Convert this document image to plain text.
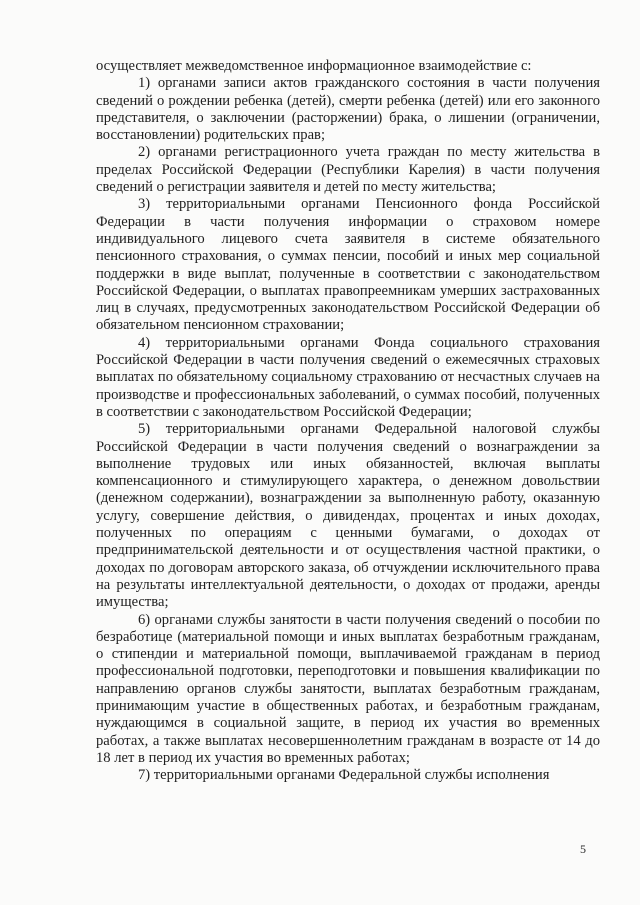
осуществляет межведомственное информационное взаимодействие с:

1) органами записи актов гражданского состояния в части получения сведений о рождении ребенка (детей), смерти ребенка (детей) или его законного представителя, о заключении (расторжении) брака, о лишении (ограничении, восстановлении) родительских прав;

2) органами регистрационного учета граждан по месту жительства в пределах Российской Федерации (Республики Карелия) в части получения сведений о регистрации заявителя и детей по месту жительства;

3) территориальными органами Пенсионного фонда Российской Федерации в части получения информации о страховом номере индивидуального лицевого счета заявителя в системе обязательного пенсионного страхования, о суммах пенсии, пособий и иных мер социальной поддержки в виде выплат, полученные в соответствии с законодательством Российской Федерации, о выплатах правопреемникам умерших застрахованных лиц в случаях, предусмотренных законодательством Российской Федерации об обязательном пенсионном страховании;

4) территориальными органами Фонда социального страхования Российской Федерации в части получения сведений о ежемесячных страховых выплатах по обязательному социальному страхованию от несчастных случаев на производстве и профессиональных заболеваний, о суммах пособий, полученных в соответствии с законодательством Российской Федерации;

5) территориальными органами Федеральной налоговой службы Российской Федерации в части получения сведений о вознаграждении за выполнение трудовых или иных обязанностей, включая выплаты компенсационного и стимулирующего характера, о денежном довольствии (денежном содержании), вознаграждении за выполненную работу, оказанную услугу, совершение действия, о дивидендах, процентах и иных доходах, полученных по операциям с ценными бумагами, о доходах от предпринимательской деятельности и от осуществления частной практики, о доходах по договорам авторского заказа, об отчуждении исключительного права на результаты интеллектуальной деятельности, о доходах от продажи, аренды имущества;

6) органами службы занятости в части получения сведений о пособии по безработице (материальной помощи и иных выплатах безработным гражданам, о стипендии и материальной помощи, выплачиваемой гражданам в период профессиональной подготовки, переподготовки и повышения квалификации по направлению органов службы занятости, выплатах безработным гражданам, принимающим участие в общественных работах, и безработным гражданам, нуждающимся в социальной защите, в период их участия во временных работах, а также выплатах несовершеннолетним гражданам в возрасте от 14 до 18 лет в период их участия во временных работах;

7) территориальными органами Федеральной службы исполнения

5
